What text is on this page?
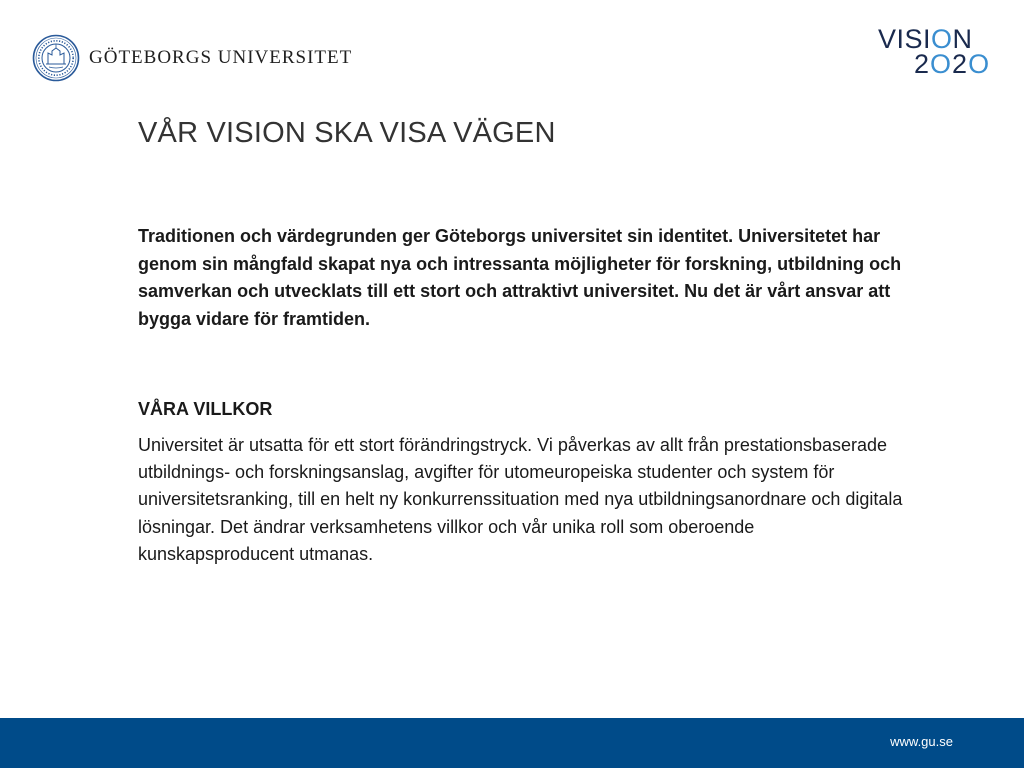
GÖTEBORGS UNIVERSITET
VISION
2O2O
VÅR VISION SKA VISA VÄGEN

Traditionen och värdegrunden ger Göteborgs universitet sin identitet. Universitetet har genom sin mångfald skapat nya och intressanta möjligheter för forskning, utbildning och samverkan och utvecklats till ett stort och attraktivt universitet. Nu det är vårt ansvar att bygga vidare för framtiden.

VÅRA VILLKOR

Universitet är utsatta för ett stort förändringstryck. Vi påverkas av allt från prestationsbaserade utbildnings- och forskningsanslag, avgifter för utomeuropeiska studenter och system för universitetsranking, till en helt ny konkurrenssituation med nya utbildningsanordnare och digitala lösningar. Det ändrar verksamhetens villkor och vår unika roll som oberoende kunskapsproducent utmanas.

www.gu.se
